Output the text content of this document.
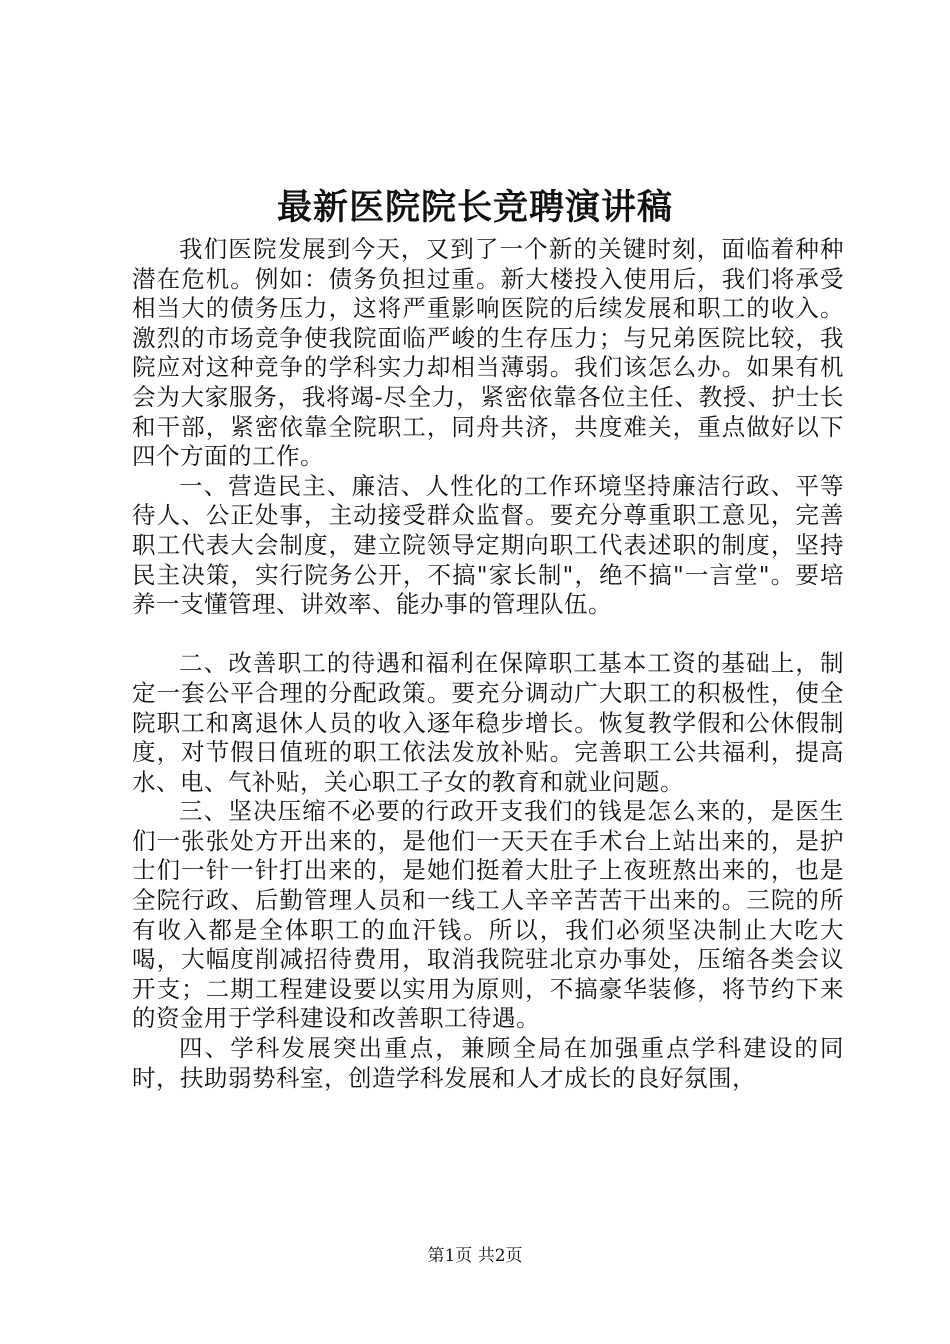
最新医院院长竞聘演讲稿

我们医院发展到今天，又到了一个新的关键时刻，面临着种种潜在危机。例如：债务负担过重。新大楼投入使用后，我们将承受相当大的债务压力，这将严重影响医院的后续发展和职工的收入。激烈的市场竞争使我院面临严峻的生存压力；与兄弟医院比较，我院应对这种竞争的学科实力却相当薄弱。我们该怎么办。如果有机会为大家服务，我将竭-尽全力，紧密依靠各位主任、教授、护士长和干部，紧密依靠全院职工，同舟共济，共度难关，重点做好以下四个方面的工作。

一、营造民主、廉洁、人性化的工作环境坚持廉洁行政、平等待人、公正处事，主动接受群众监督。要充分尊重职工意见，完善职工代表大会制度，建立院领导定期向职工代表述职的制度，坚持民主决策，实行院务公开，不搞"家长制"，绝不搞"一言堂"。要培养一支懂管理、讲效率、能办事的管理队伍。

二、改善职工的待遇和福利在保障职工基本工资的基础上，制定一套公平合理的分配政策。要充分调动广大职工的积极性，使全院职工和离退休人员的收入逐年稳步增长。恢复教学假和公休假制度，对节假日值班的职工依法发放补贴。完善职工公共福利，提高水、电、气补贴，关心职工子女的教育和就业问题。

三、坚决压缩不必要的行政开支我们的钱是怎么来的，是医生们一张张处方开出来的，是他们一天天在手术台上站出来的，是护士们一针一针打出来的，是她们挺着大肚子上夜班熬出来的，也是全院行政、后勤管理人员和一线工人辛辛苦苦干出来的。三院的所有收入都是全体职工的血汗钱。所以，我们必须坚决制止大吃大喝，大幅度削减招待费用，取消我院驻北京办事处，压缩各类会议开支；二期工程建设要以实用为原则，不搞豪华装修，将节约下来的资金用于学科建设和改善职工待遇。

四、学科发展突出重点，兼顾全局在加强重点学科建设的同时，扶助弱势科室，创造学科发展和人才成长的良好氛围，

第1页 共2页
